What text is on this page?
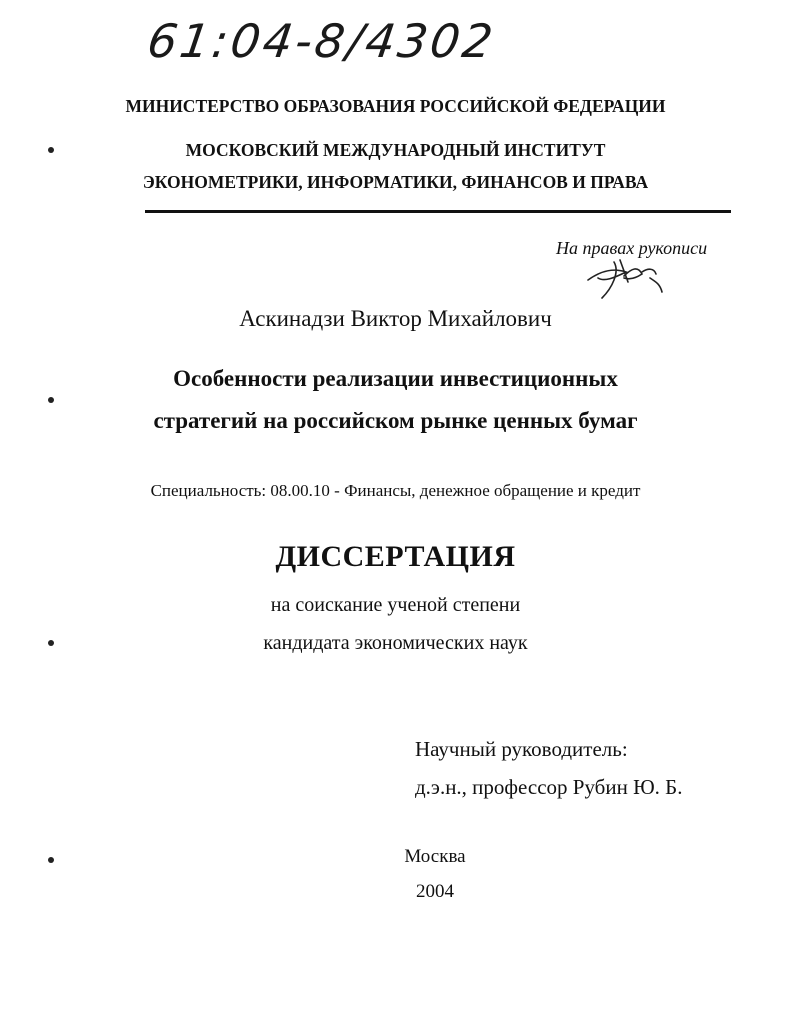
61:04-8/4302
МИНИСТЕРСТВО ОБРАЗОВАНИЯ РОССИЙСКОЙ ФЕДЕРАЦИИ
МОСКОВСКИЙ МЕЖДУНАРОДНЫЙ ИНСТИТУТ
ЭКОНОМЕТРИКИ, ИНФОРМАТИКИ, ФИНАНСОВ И ПРАВА
На правах рукописи
Аскинадзи Виктор Михайлович
Особенности реализации инвестиционных
стратегий на российском рынке ценных бумаг
Специальность: 08.00.10 - Финансы, денежное обращение и кредит
ДИССЕРТАЦИЯ
на соискание ученой степени
кандидата экономических наук
Научный руководитель:
д.э.н., профессор Рубин Ю. Б.
Москва
2004
